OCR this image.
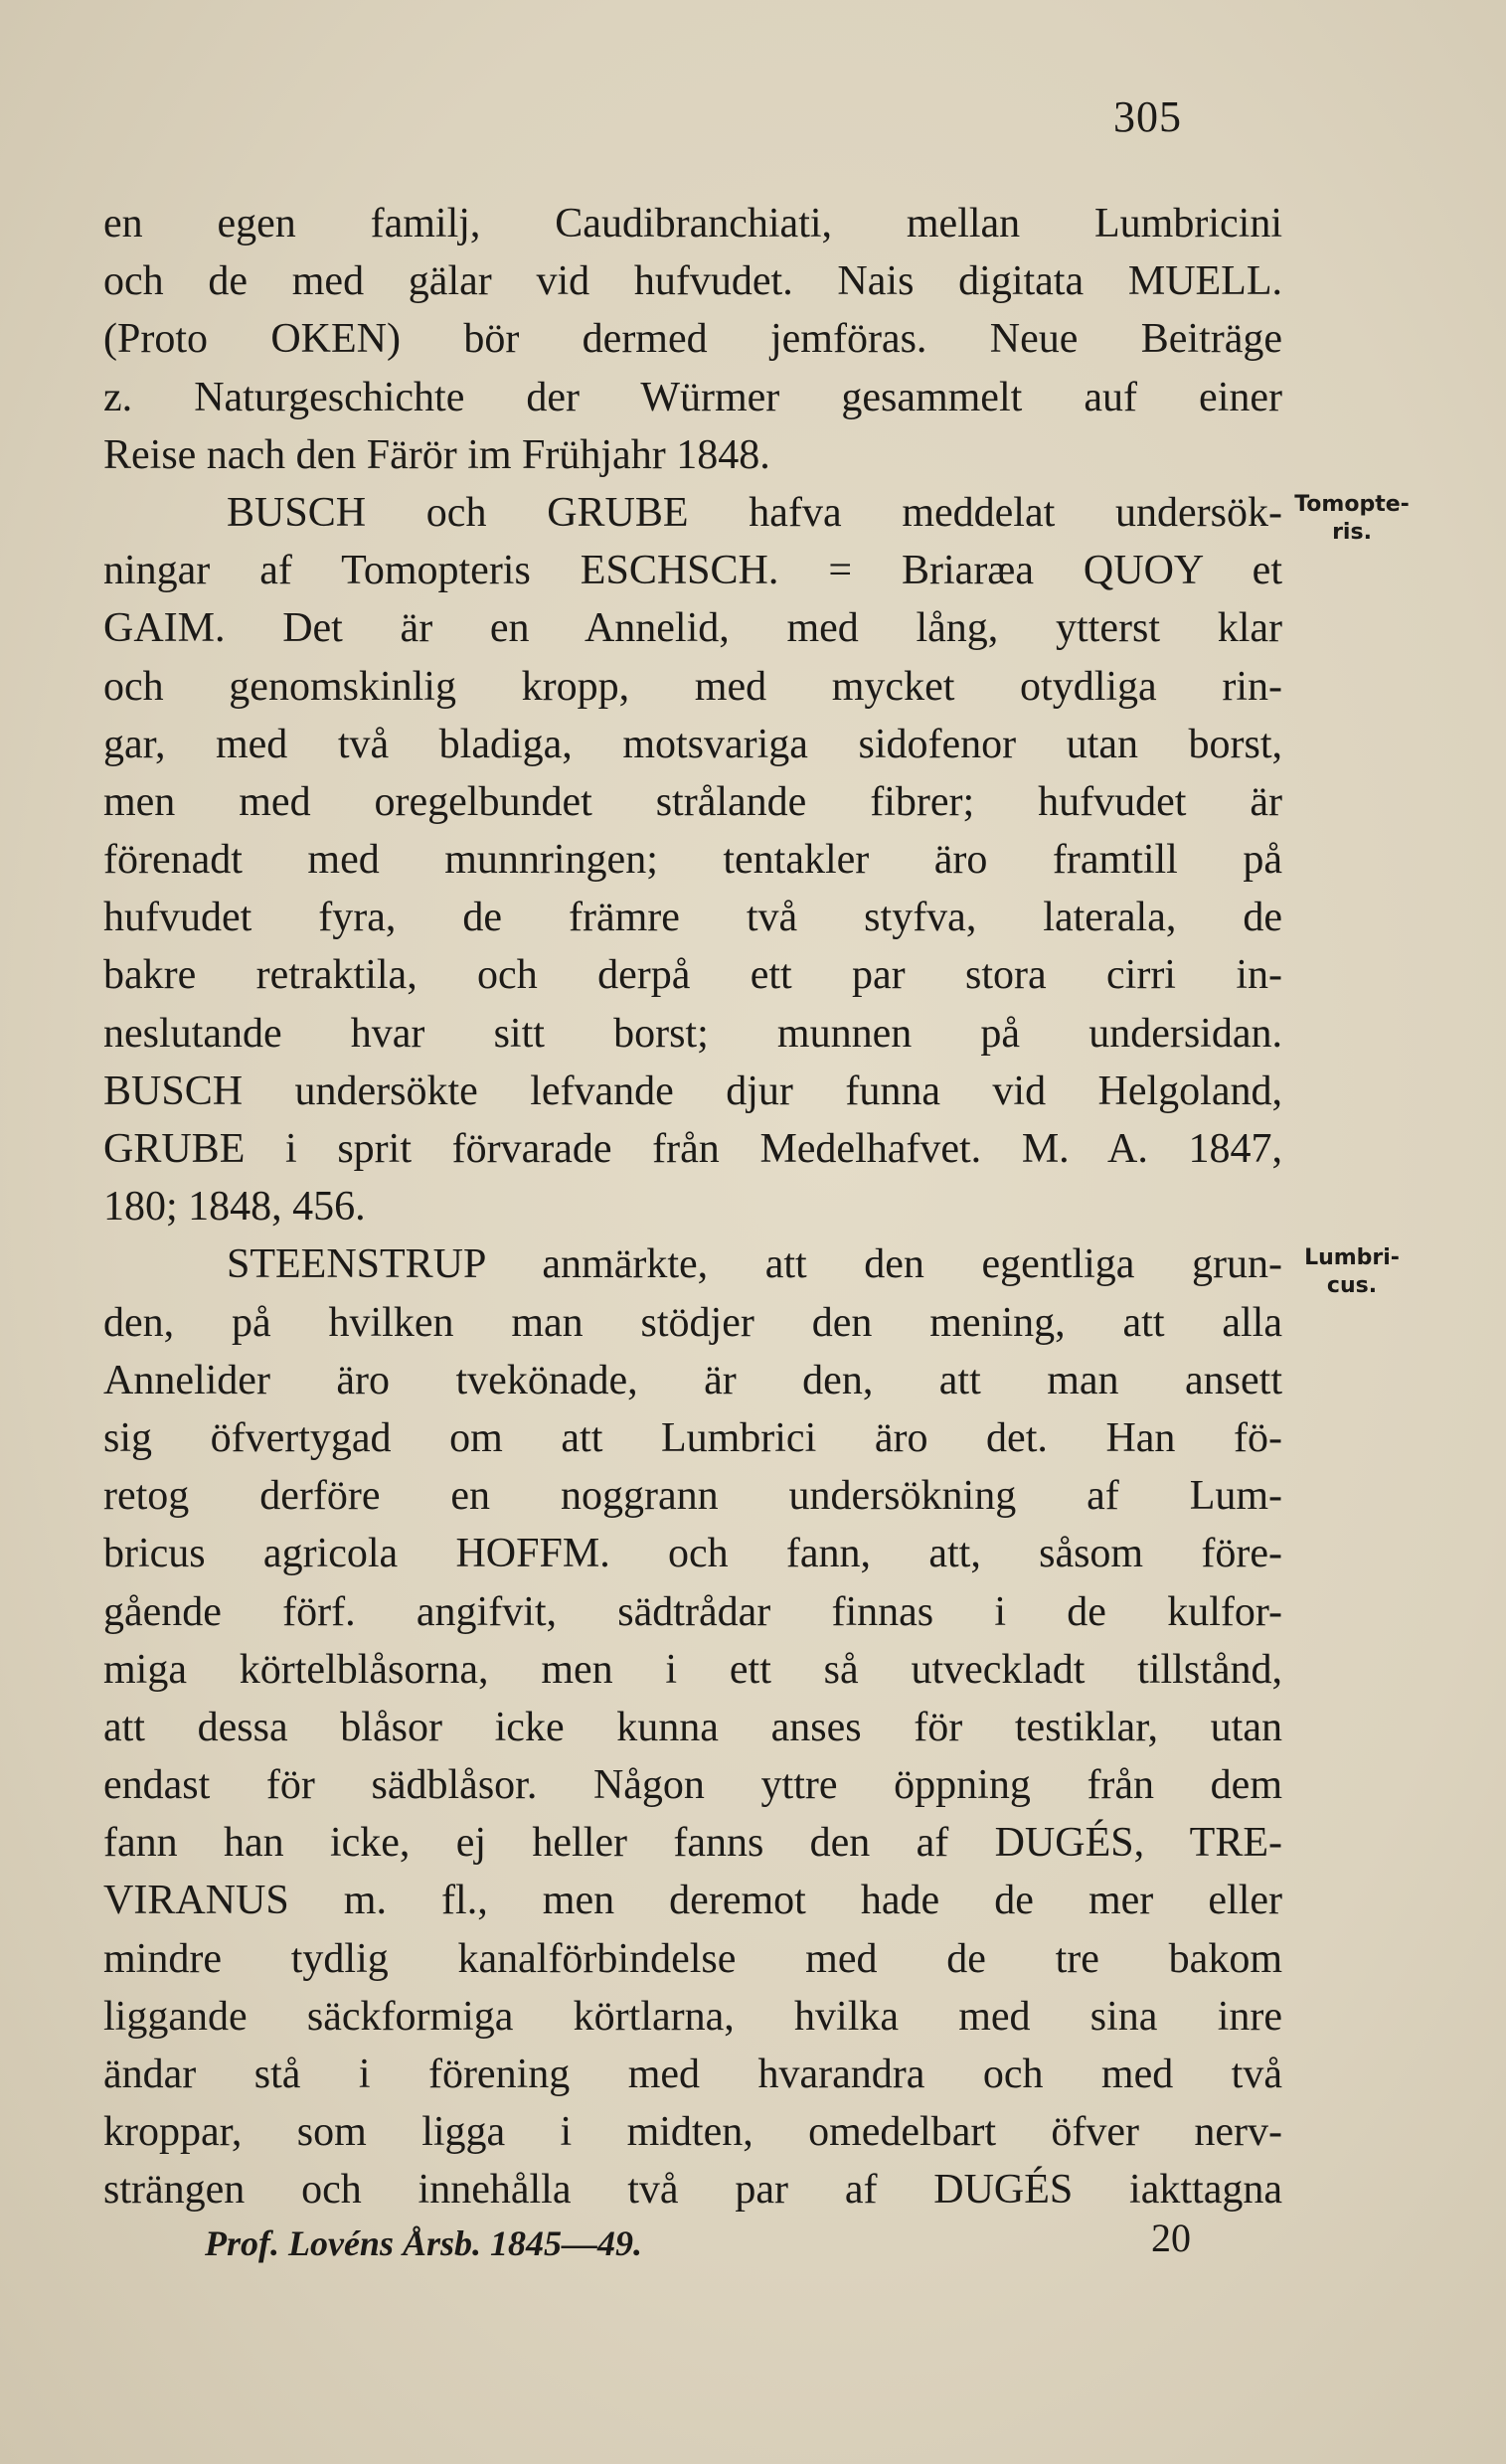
305
en egen familj, Caudibranchiati, mellan Lumbricini
och de med gälar vid hufvudet. Nais digitata MUELL.
(Proto OKEN) bör dermed jemföras. Neue Beiträge
z. Naturgeschichte der Würmer gesammelt auf einer
Reise nach den Färör im Frühjahr 1848.
BUSCH och GRUBE hafva meddelat undersök-
ningar af Tomopteris ESCHSCH. = Briaræa QUOY et
GAIM. Det är en Annelid, med lång, ytterst klar
och genomskinlig kropp, med mycket otydliga rin-
gar, med två bladiga, motsvariga sidofenor utan borst,
men med oregelbundet strålande fibrer; hufvudet är
förenadt med munnringen; tentakler äro framtill på
hufvudet fyra, de främre två styfva, laterala, de
bakre retraktila, och derpå ett par stora cirri in-
neslutande hvar sitt borst; munnen på undersidan.
BUSCH undersökte lefvande djur funna vid Helgoland,
GRUBE i sprit förvarade från Medelhafvet. M. A. 1847,
180; 1848, 456.
STEENSTRUP anmärkte, att den egentliga grun-
den, på hvilken man stödjer den mening, att alla
Annelider äro tvekönade, är den, att man ansett
sig öfvertygad om att Lumbrici äro det. Han fö-
retog derföre en noggrann undersökning af Lum-
bricus agricola HOFFM. och fann, att, såsom före-
gående förf. angifvit, sädtrådar finnas i de kulfor-
miga körtelblåsorna, men i ett så utveckladt tillstånd,
att dessa blåsor icke kunna anses för testiklar, utan
endast för sädblåsor. Någon yttre öppning från dem
fann han icke, ej heller fanns den af DUGÉS, TRE-
VIRANUS m. fl., men deremot hade de mer eller
mindre tydlig kanalförbindelse med de tre bakom
liggande säckformiga körtlarna, hvilka med sina inre
ändar stå i förening med hvarandra och med två
kroppar, som ligga i midten, omedelbart öfver nerv-
strängen och innehålla två par af DUGÉS iakttagna
Tomopte-
ris.
Lumbri-
cus.
Prof. Lovéns Årsb. 1845—49.	20
